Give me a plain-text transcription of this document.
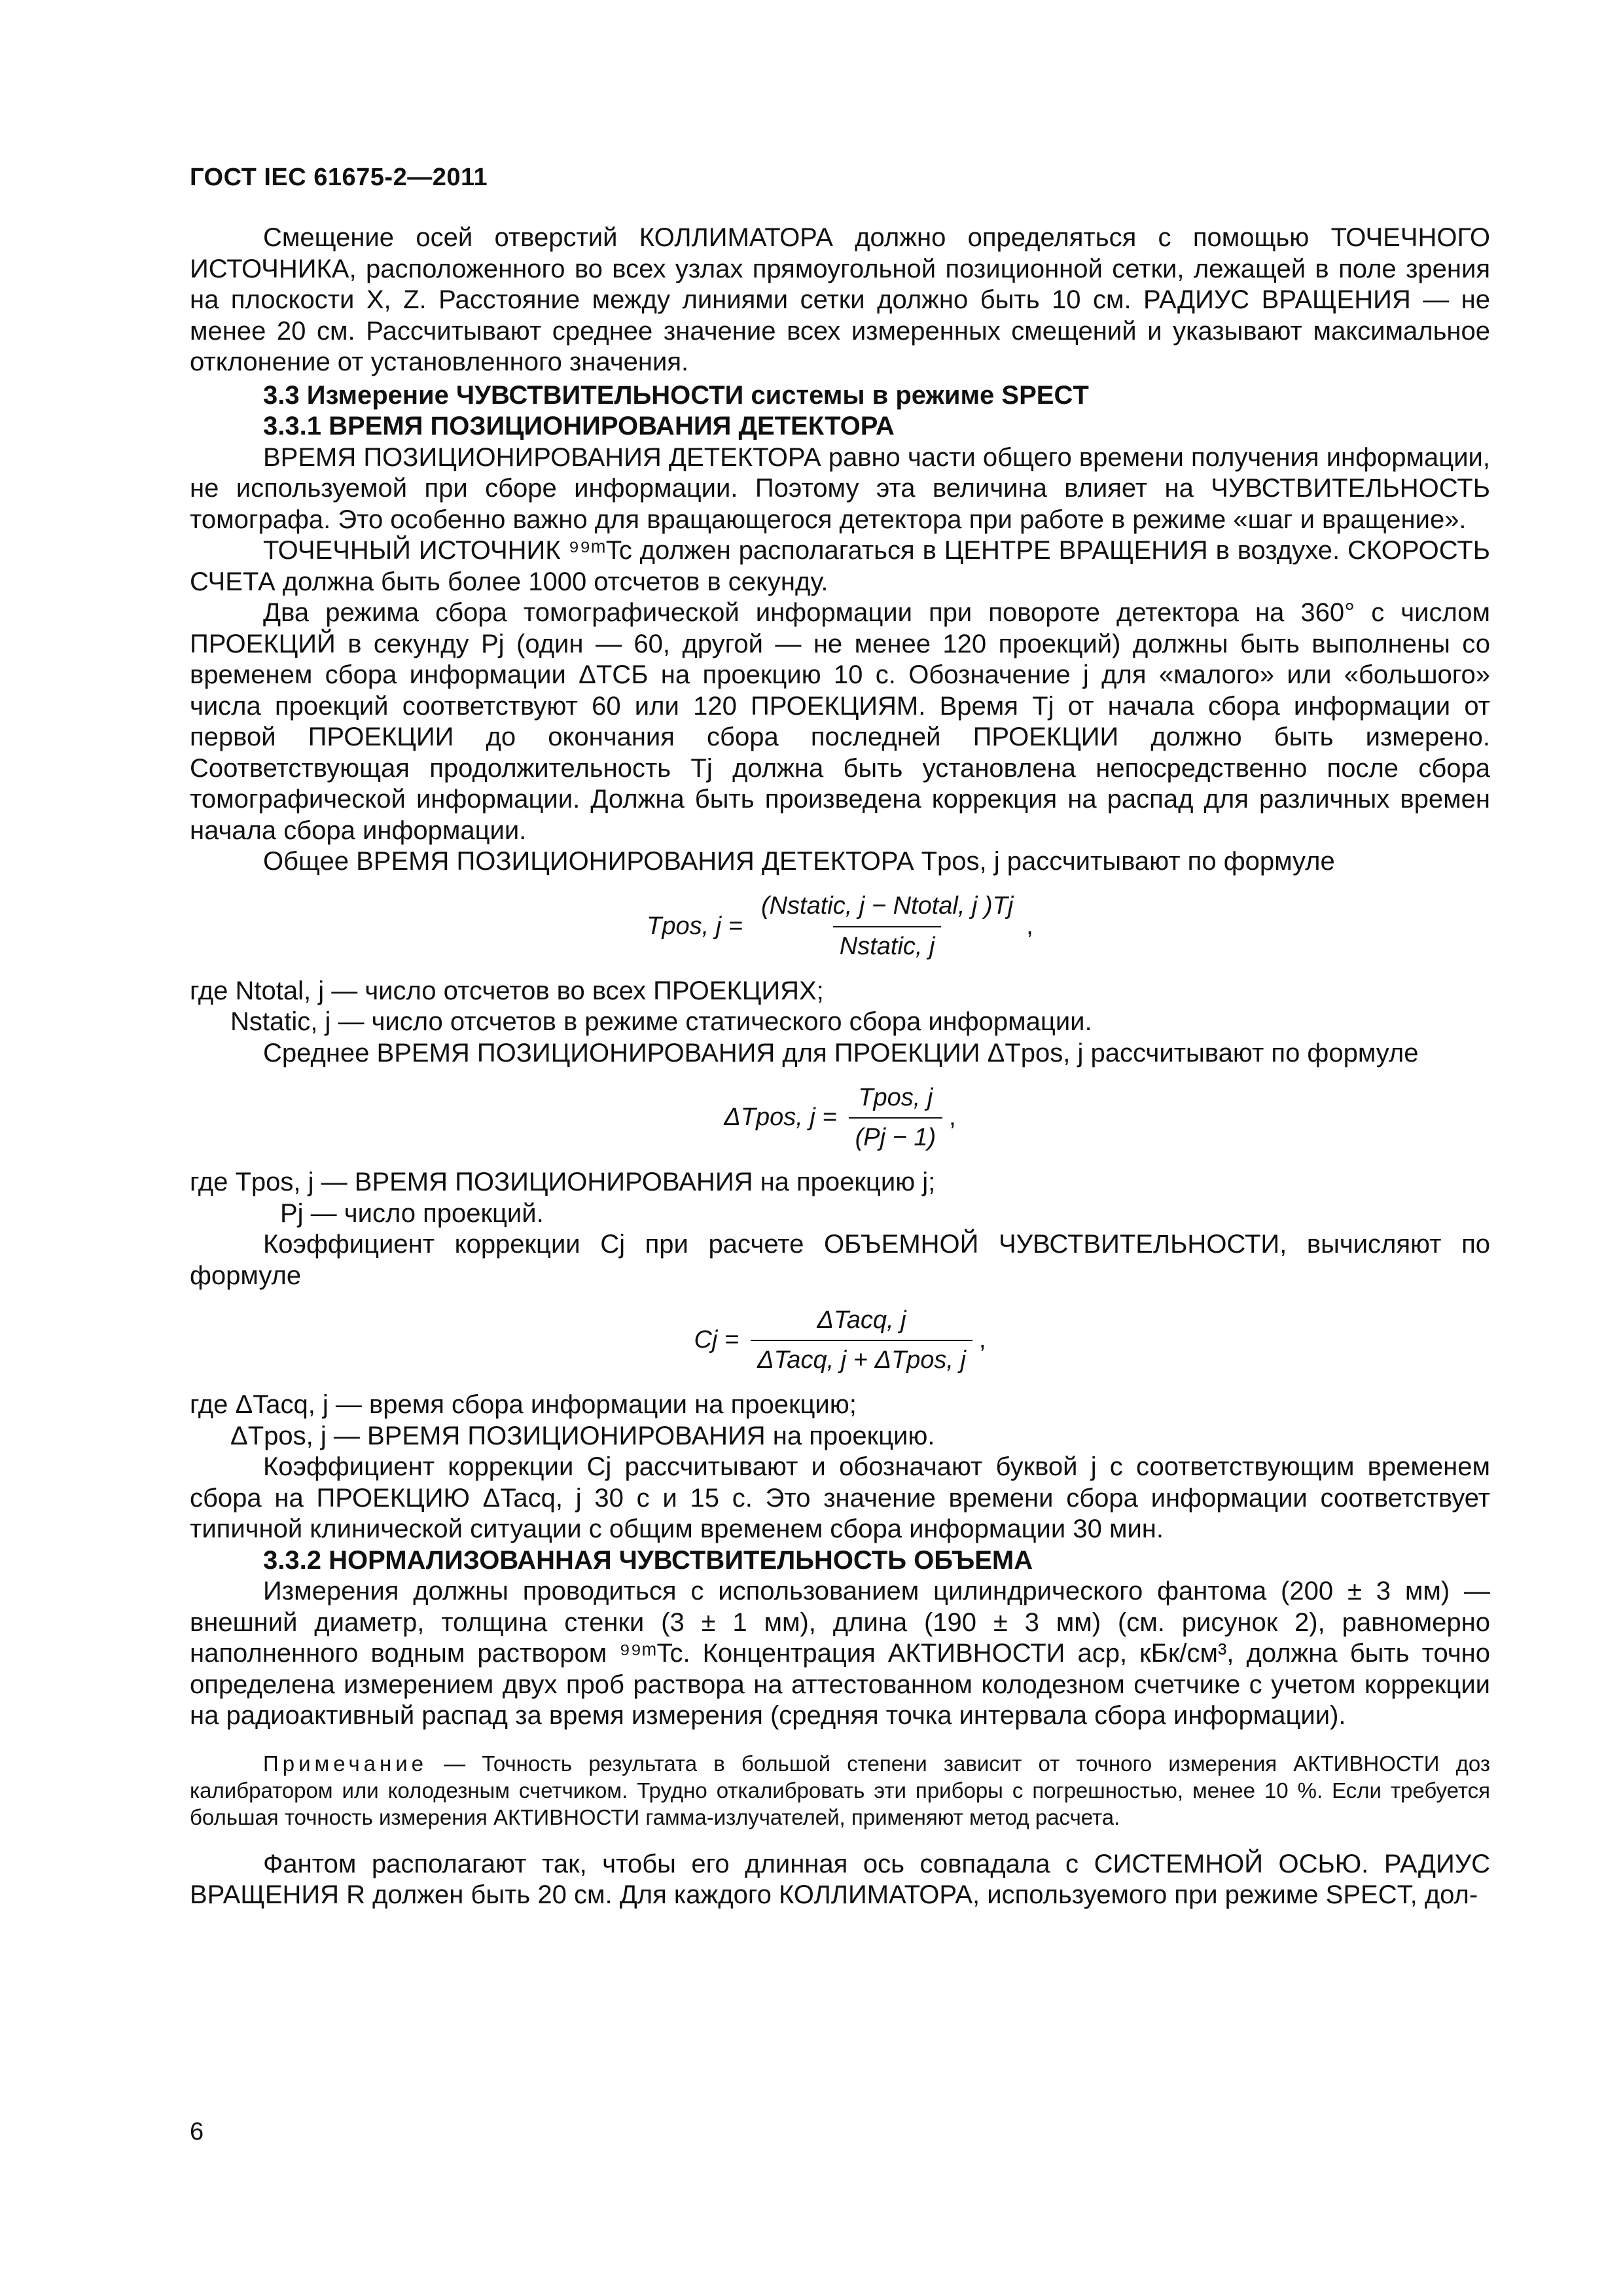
ГОСТ IEC 61675-2—2011

Смещение осей отверстий КОЛЛИМАТОРА должно определяться с помощью ТОЧЕЧНОГО ИСТОЧНИКА, расположенного во всех узлах прямоугольной позиционной сетки, лежащей в поле зрения на плоскости X, Z. Расстояние между линиями сетки должно быть 10 см. РАДИУС ВРАЩЕНИЯ — не менее 20 см. Рассчитывают среднее значение всех измеренных смещений и указывают максимальное отклонение от установленного значения.

3.3 Измерение ЧУВСТВИТЕЛЬНОСТИ системы в режиме SPECT

3.3.1 ВРЕМЯ ПОЗИЦИОНИРОВАНИЯ ДЕТЕКТОРА

ВРЕМЯ ПОЗИЦИОНИРОВАНИЯ ДЕТЕКТОРА равно части общего времени получения информации, не используемой при сборе информации. Поэтому эта величина влияет на ЧУВСТВИТЕЛЬНОСТЬ томографа. Это особенно важно для вращающегося детектора при работе в режиме «шаг и вращение».

ТОЧЕЧНЫЙ ИСТОЧНИК ⁹⁹ᵐTc должен располагаться в ЦЕНТРЕ ВРАЩЕНИЯ в воздухе. СКОРОСТЬ СЧЕТА должна быть более 1000 отсчетов в секунду.

Два режима сбора томографической информации при повороте детектора на 360° с числом ПРОЕКЦИЙ в секунду Pj (один — 60, другой — не менее 120 проекций) должны быть выполнены со временем сбора информации ΔTСБ на проекцию 10 с. Обозначение j для «малого» или «большого» числа проекций соответствуют 60 или 120 ПРОЕКЦИЯМ. Время Tj от начала сбора информации от первой ПРОЕКЦИИ до окончания сбора последней ПРОЕКЦИИ должно быть измерено. Соответствующая продолжительность Tj должна быть установлена непосредственно после сбора томографической информации. Должна быть произведена коррекция на распад для различных времен начала сбора информации.

Общее ВРЕМЯ ПОЗИЦИОНИРОВАНИЯ ДЕТЕКТОРА Tpos, j рассчитывают по формуле

Tpos, $j = \frac{\text{(Nstatic, j − Ntotal, j )Tj}}{\text{Nstatic, j}}$ ,

где Ntotal, j — число отсчетов во всех ПРОЕКЦИЯХ;

Nstatic, j — число отсчетов в режиме статического сбора информации.

Среднее ВРЕМЯ ПОЗИЦИОНИРОВАНИЯ для ПРОЕКЦИИ ΔTpos, j рассчитывают по формуле

ΔTpos, $j = \frac{\text{Tpos, j}}{(Pj - 1)}$ ,

где Tpos, j — ВРЕМЯ ПОЗИЦИОНИРОВАНИЯ на проекцию j;

Pj — число проекций.

Коэффициент коррекции Cj при расчете ОБЪЕМНОЙ ЧУВСТВИТЕЛЬНОСТИ, вычисляют по формуле

$Cj = \frac{\text{ΔTacq, j}}{\text{ΔTacq, j + ΔTpos, j}}$ ,

где ΔTacq, j — время сбора информации на проекцию;

ΔTpos, j — ВРЕМЯ ПОЗИЦИОНИРОВАНИЯ на проекцию.

Коэффициент коррекции Cj рассчитывают и обозначают буквой j с соответствующим временем сбора на ПРОЕКЦИЮ ΔTacq, j 30 с и 15 с. Это значение времени сбора информации соответствует типичной клинической ситуации с общим временем сбора информации 30 мин.

3.3.2 НОРМАЛИЗОВАННАЯ ЧУВСТВИТЕЛЬНОСТЬ ОБЪЕМА

Измерения должны проводиться с использованием цилиндрического фантома (200 ± 3 мм) — внешний диаметр, толщина стенки (3 ± 1 мм), длина (190 ± 3 мм) (см. рисунок 2), равномерно наполненного водным раствором ⁹⁹ᵐTc. Концентрация АКТИВНОСТИ acp, кБк/см³, должна быть точно определена измерением двух проб раствора на аттестованном колодезном счетчике с учетом коррекции на радиоактивный распад за время измерения (средняя точка интервала сбора информации).

Примечание — Точность результата в большой степени зависит от точного измерения АКТИВНОСТИ доз калибратором или колодезным счетчиком. Трудно откалибровать эти приборы с погрешностью, менее 10 %. Если требуется большая точность измерения АКТИВНОСТИ гамма-излучателей, применяют метод расчета.

Фантом располагают так, чтобы его длинная ось совпадала с СИСТЕМНОЙ ОСЬЮ. РАДИУС ВРАЩЕНИЯ R должен быть 20 см. Для каждого КОЛЛИМАТОРА, используемого при режиме SPECT, дол-

6
